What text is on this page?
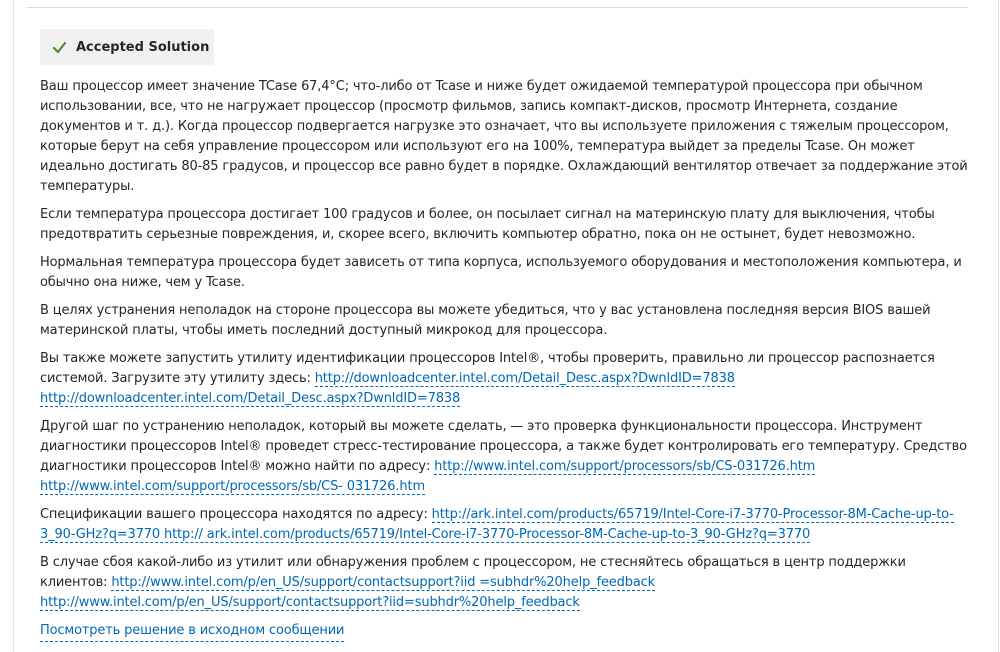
Accepted Solution

Ваш процессор имеет значение TCase 67,4°C; что-либо от Tcase и ниже будет ожидаемой температурой процессора при обычном использовании, все, что не нагружает процессор (просмотр фильмов, запись компакт-дисков, просмотр Интернета, создание документов и т. д.). Когда процессор подвергается нагрузке это означает, что вы используете приложения с тяжелым процессором, которые берут на себя управление процессором или используют его на 100%, температура выйдет за пределы Tcase. Он может идеально достигать 80-85 градусов, и процессор все равно будет в порядке. Охлаждающий вентилятор отвечает за поддержание этой температуры.

Если температура процессора достигает 100 градусов и более, он посылает сигнал на материнскую плату для выключения, чтобы предотвратить серьезные повреждения, и, скорее всего, включить компьютер обратно, пока он не остынет, будет невозможно.

Нормальная температура процессора будет зависеть от типа корпуса, используемого оборудования и местоположения компьютера, и обычно она ниже, чем у Tcase.

В целях устранения неполадок на стороне процессора вы можете убедиться, что у вас установлена последняя версия BIOS вашей материнской платы, чтобы иметь последний доступный микрокод для процессора.

Вы также можете запустить утилиту идентификации процессоров Intel®, чтобы проверить, правильно ли процессор распознается системой. Загрузите эту утилиту здесь: http://downloadcenter.intel.com/Detail_Desc.aspx?DwnldID=7838 http://downloadcenter.intel.com/Detail_Desc.aspx?DwnldID=7838

Другой шаг по устранению неполадок, который вы можете сделать, — это проверка функциональности процессора. Инструмент диагностики процессоров Intel® проведет стресс-тестирование процессора, а также будет контролировать его температуру. Средство диагностики процессоров Intel® можно найти по адресу: http://www.intel.com/support/processors/sb/CS-031726.htm http://www.intel.com/support/processors/sb/CS- 031726.htm

Спецификации вашего процессора находятся по адресу: http://ark.intel.com/products/65719/Intel-Core-i7-3770-Processor-8M-Cache-up-to-3_90-GHz?q=3770 http:// ark.intel.com/products/65719/Intel-Core-i7-3770-Processor-8M-Cache-up-to-3_90-GHz?q=3770

В случае сбоя какой-либо из утилит или обнаружения проблем с процессором, не стесняйтесь обращаться в центр поддержки клиентов: http://www.intel.com/p/en_US/support/contactsupport?iid =subhdr%20help_feedback http://www.intel.com/p/en_US/support/contactsupport?iid=subhdr%20help_feedback

Посмотреть решение в исходном сообщении
